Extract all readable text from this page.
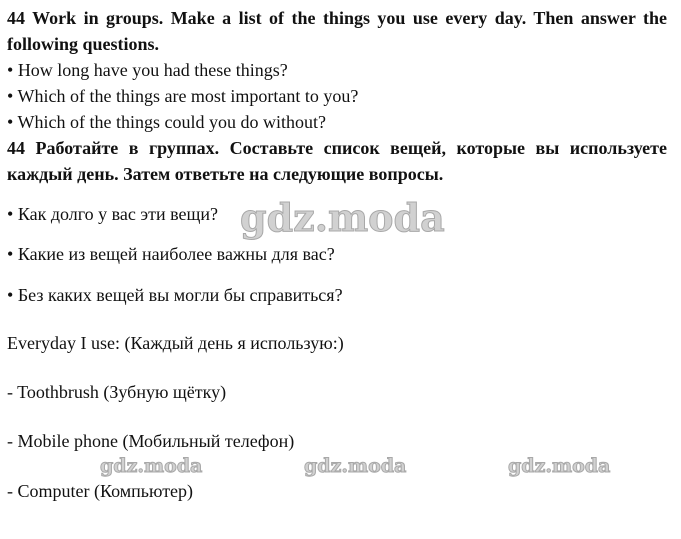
44 Work in groups. Make a list of the things you use every day. Then answer the following questions.
• How long have you had these things?
• Which of the things are most important to you?
• Which of the things could you do without?
44 Работайте в группах. Составьте список вещей, которые вы используете каждый день. Затем ответьте на следующие вопросы.
• Как долго у вас эти вещи?
• Какие из вещей наиболее важны для вас?
• Без каких вещей вы могли бы справиться?
Everyday I use: (Каждый день я использую:)
- Toothbrush (Зубную щётку)
- Mobile phone (Мобильный телефон)
- Computer (Компьютер)
gdz.moda
gdz.moda	gdz.moda	gdz.moda
